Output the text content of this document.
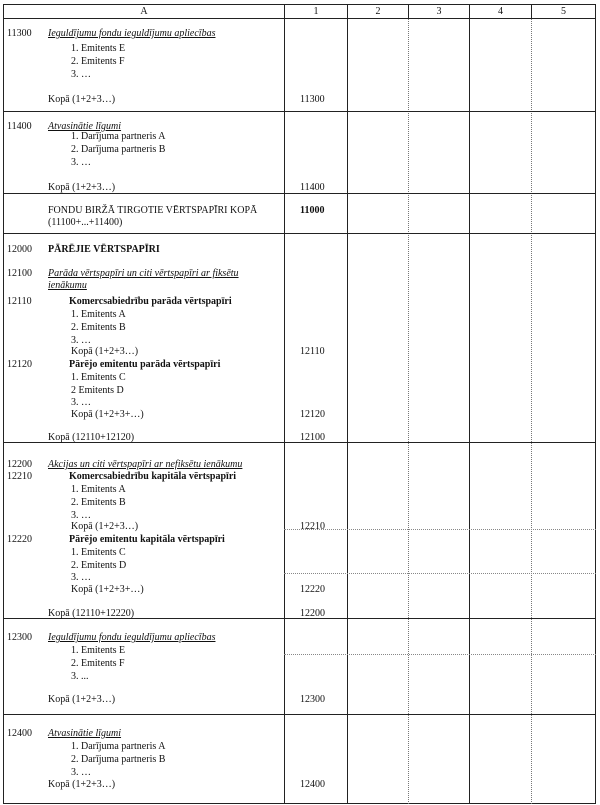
A	1	2	3	4	5
11300 Ieguldījumu fondu ieguldījumu apliecības
1. Emitents E
2. Emitents F
3. …
Kopā (1+2+3…)	11300
11400 Atvasinātie līgumi
1. Darījuma partneris A
2. Darījuma partneris B
3. …
Kopā (1+2+3…)	11400
FONDU BIRŽĀ TIRGOTIE VĒRTSPAPĪRI KOPĀ
(11100+...+11400)
11000
12000 PĀRĒJIE VĒRTSPAPĪRI
12100 Parāda vērtspapīri un citi vērtspapīri ar fiksētu
ienākumu
12110	Komercsabiedrību parāda vērtspapīri
1. Emitents A
2. Emitents B
3. …
Kopā (1+2+3…)	12110
12120	Pārējo emitentu parāda vērtspapīri
1. Emitents C
2 Emitents D
3. …
Kopā (1+2+3+…)	12120
Kopā (12110+12120)	12100
12200 Akcijas un citi vērtspapīri ar nefiksētu ienākumu
12210	Komercsabiedrību kapitāla vērtspapīri
1. Emitents A
2. Emitents B
3. …
Kopā (1+2+3…)	12210
12220	Pārējo emitentu kapitāla vērtspapīri
1. Emitents C
2. Emitents D
3. …
Kopā (1+2+3+…)	12220
Kopā (12110+12220)	12200
12300 Ieguldījumu fondu ieguldījumu apliecības
1. Emitents E
2. Emitents F
3. ...
Kopā (1+2+3…)	12300
12400 Atvasinātie līgumi
1. Darījuma partneris A
2. Darījuma partneris B
3. …
Kopā (1+2+3…)	12400
